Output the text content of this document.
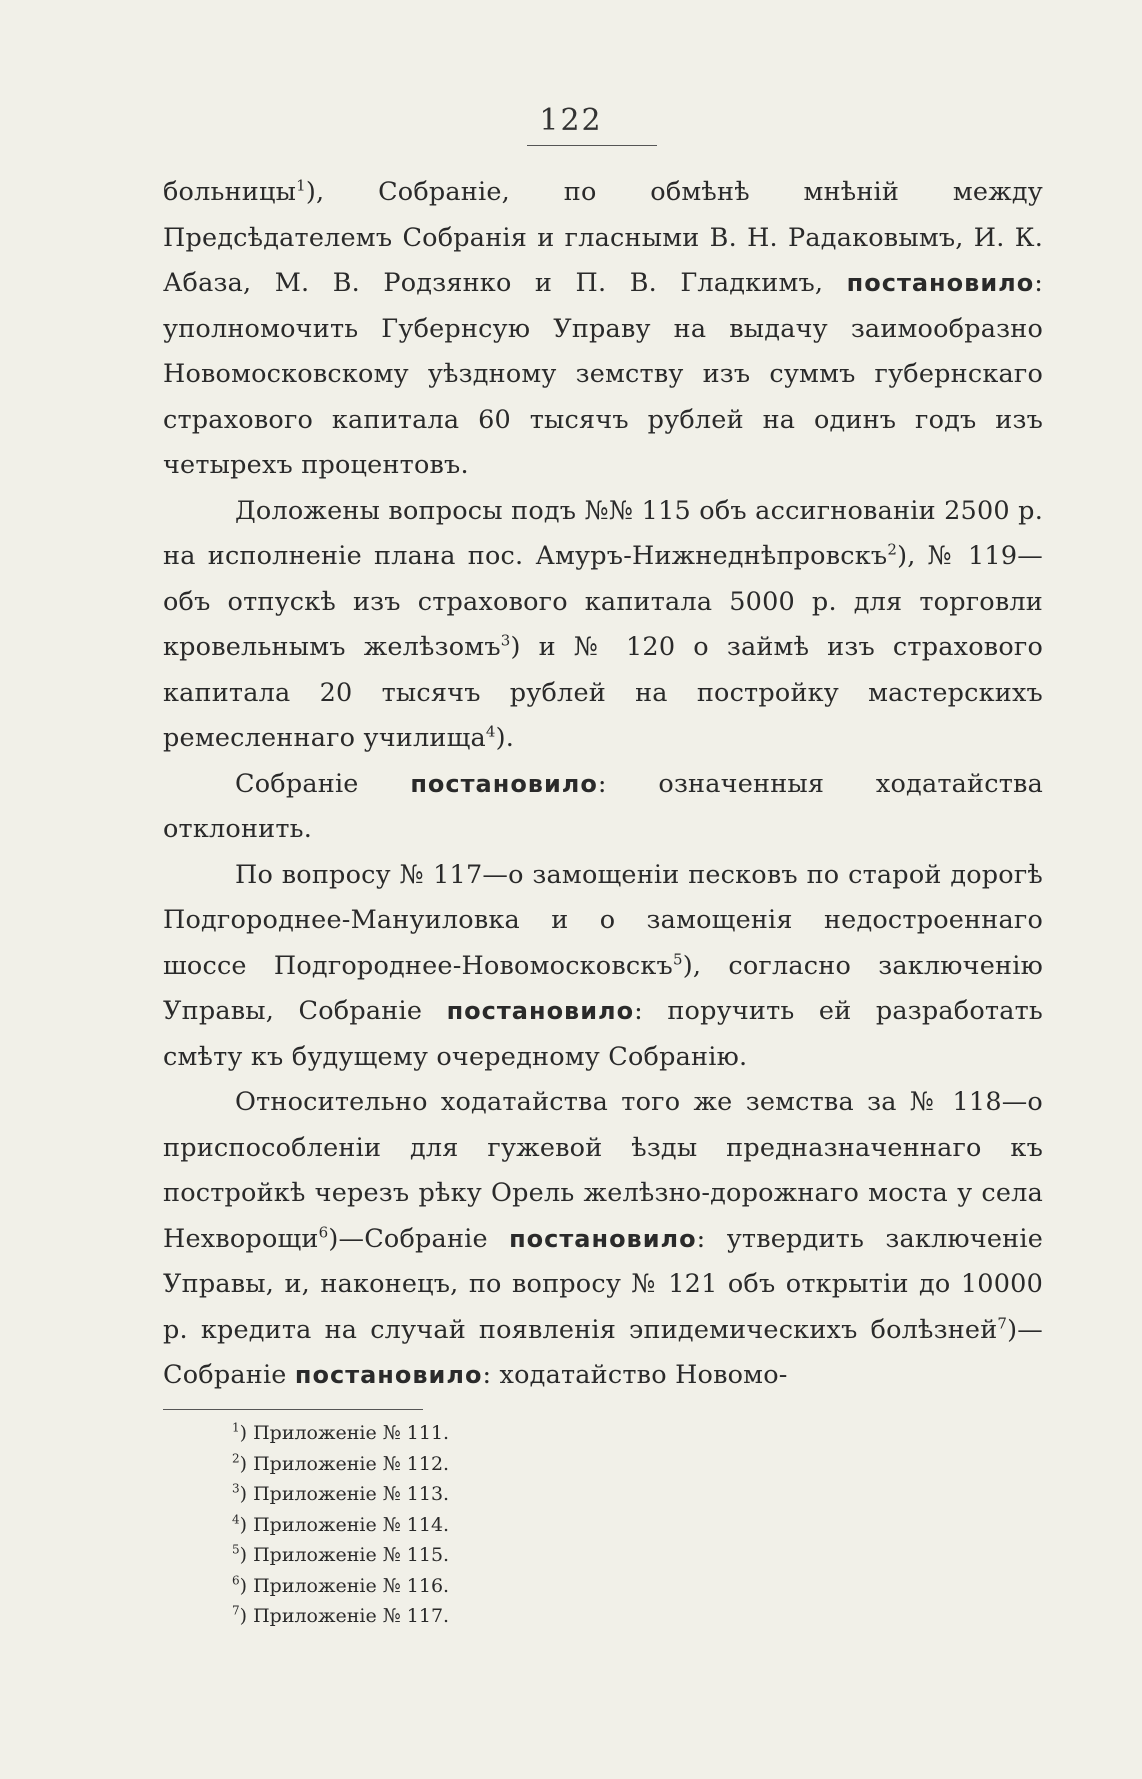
122

больницы$^1$), Собраніе, по обмѣнѣ мнѣній между Предсѣдателемъ Собранія и гласными В. Н. Радаковымъ, И. К. Абаза, М. В. Родзянко и П. В. Гладкимъ, постановило: уполномочить Губернсую Управу на выдачу заимообразно Новомосковскому уѣздному земству изъ суммъ губернскаго страхового капитала 60 тысячъ рублей на одинъ годъ изъ четырехъ процентовъ.

Доложены вопросы подъ №№ 115 объ ассигнованіи 2500 р. на исполненіе плана пос. Амуръ-Нижнеднѣпровскъ$^2$), № 119—объ отпускѣ изъ страхового капитала 5000 р. для торговли кровельнымъ желѣзомъ$^3$) и № 120 о займѣ изъ страхового капитала 20 тысячъ рублей на постройку мастерскихъ ремесленнаго училища$^4$).

Собраніе постановило: означенныя ходатайства отклонить.

По вопросу № 117—о замощеніи песковъ по старой дорогѣ Подгороднее-Мануиловка и о замощенія недостроеннаго шоссе Подгороднее-Новомосковскъ$^5$), согласно заключенію Управы, Собраніе постановило: поручить ей разработать смѣту къ будущему очередному Собранію.

Относительно ходатайства того же земства за № 118—о приспособленіи для гужевой ѣзды предназначеннаго къ постройкѣ черезъ рѣку Орель желѣзно-дорожнаго моста у села Нехворощи$^6$)—Собраніе постановило: утвердить заключеніе Управы, и, наконецъ, по вопросу № 121 объ открытіи до 10000 р. кредита на случай появленія эпидемическихъ болѣзней$^7$)—Собраніе постановило: ходатайство Новомо-

$^1$) Приложеніе № 111.
$^2$) Приложеніе № 112.
$^3$) Приложеніе № 113.
$^4$) Приложеніе № 114.
$^5$) Приложеніе № 115.
$^6$) Приложеніе № 116.
$^7$) Приложеніе № 117.
